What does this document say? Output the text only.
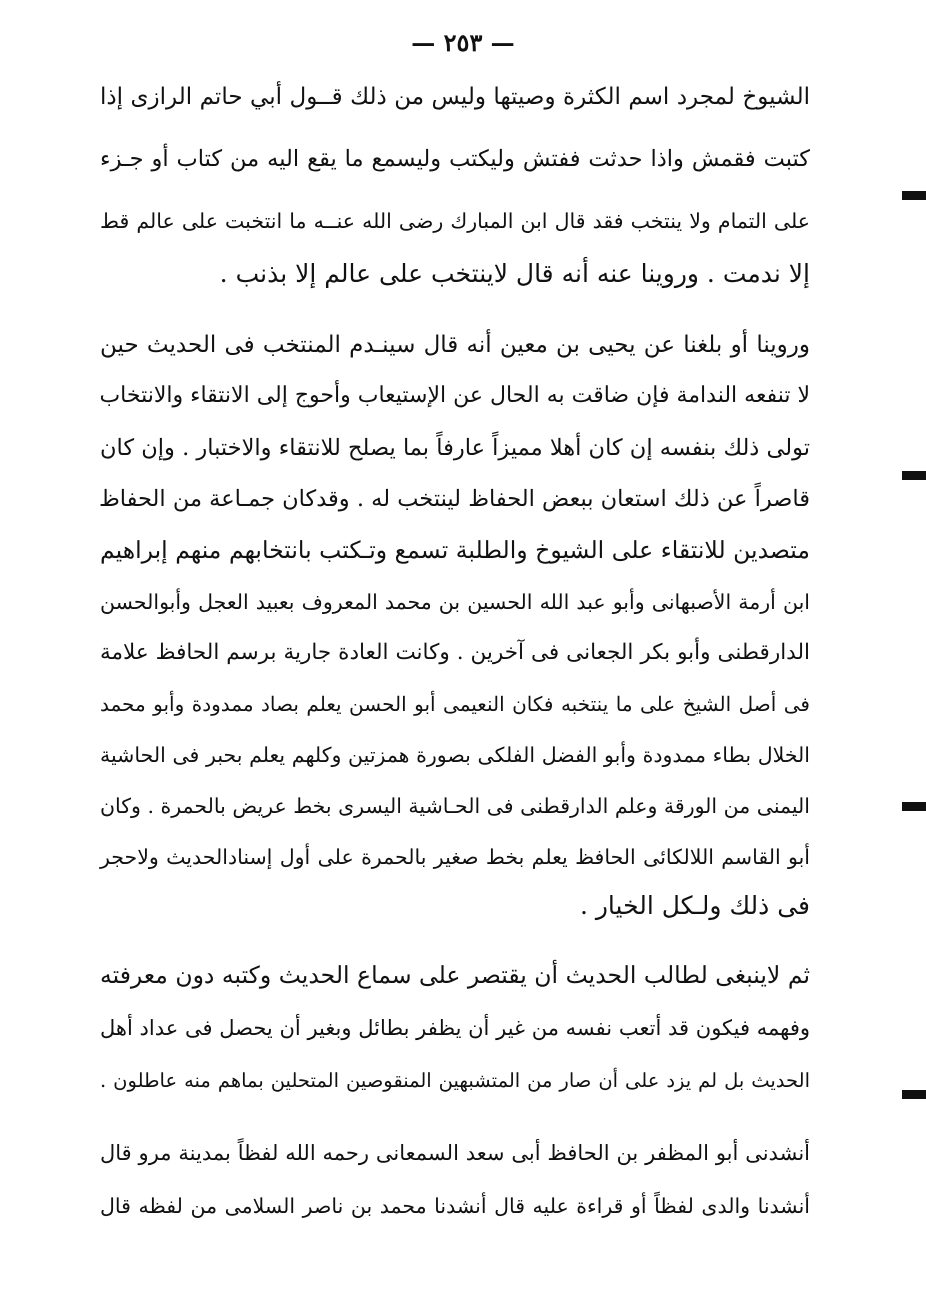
— ٢٥٣ —
الشيوخ لمجرد اسم الكثرة وصيتها وليس من ذلك قــول أبي حاتم الرازى إذا
كتبت فقمش واذا حدثت ففتش وليكتب وليسمع ما يقع اليه من كتاب أو جـزء
على التمام ولا ينتخب فقد قال ابن المبارك رضى الله عنــه ما انتخبت على عالم قط
إلا ندمت . وروينا عنه أنه قال لاينتخب على عالم إلا بذنب .
وروينا أو بلغنا عن يحيى بن معين أنه قال سينـدم المنتخب فى الحديث حين
لا تنفعه الندامة فإن ضاقت به الحال عن الإستيعاب وأحوج إلى الانتقاء والانتخاب
تولى ذلك بنفسه إن كان أهلا مميزاً عارفاً بما يصلح للانتقاء والاختبار . وإن كان
قاصراً عن ذلك استعان ببعض الحفاظ لينتخب له . وقدكان جمـاعة من الحفاظ
متصدين للانتقاء على الشيوخ والطلبة تسمع وتـكتب بانتخابهم منهم إبراهيم
ابن أرمة الأصبهانى وأبو عبد الله الحسين بن محمد المعروف بعبيد العجل وأبوالحسن
الدارقطنى وأبو بكر الجعانى فى آخرين . وكانت العادة جارية برسم الحافظ علامة
فى أصل الشيخ على ما ينتخبه فكان النعيمى أبو الحسن يعلم بصاد ممدودة وأبو محمد
الخلال بطاء ممدودة وأبو الفضل الفلكى بصورة همزتين وكلهم يعلم بحبر فى الحاشية
اليمنى من الورقة وعلم الدارقطنى فى الحـاشية اليسرى بخط عريض بالحمرة . وكان
أبو القاسم اللالكائى الحافظ يعلم بخط صغير بالحمرة على أول إسنادالحديث ولاحجر
فى ذلك ولـكل الخيار .
ثم لاينبغى لطالب الحديث أن يقتصر على سماع الحديث وكتبه دون معرفته
وفهمه فيكون قد أتعب نفسه من غير أن يظفر بطائل وبغير أن يحصل فى عداد أهل
الحديث بل لم يزد على أن صار من المتشبهين المنقوصين المتحلين بماهم منه عاطلون .
أنشدنى أبو المظفر بن الحافظ أبى سعد السمعانى رحمه الله لفظاً بمدينة مرو قال
أنشدنا والدى لفظاً أو قراءة عليه قال أنشدنا محمد بن ناصر السلامى من لفظه قال
